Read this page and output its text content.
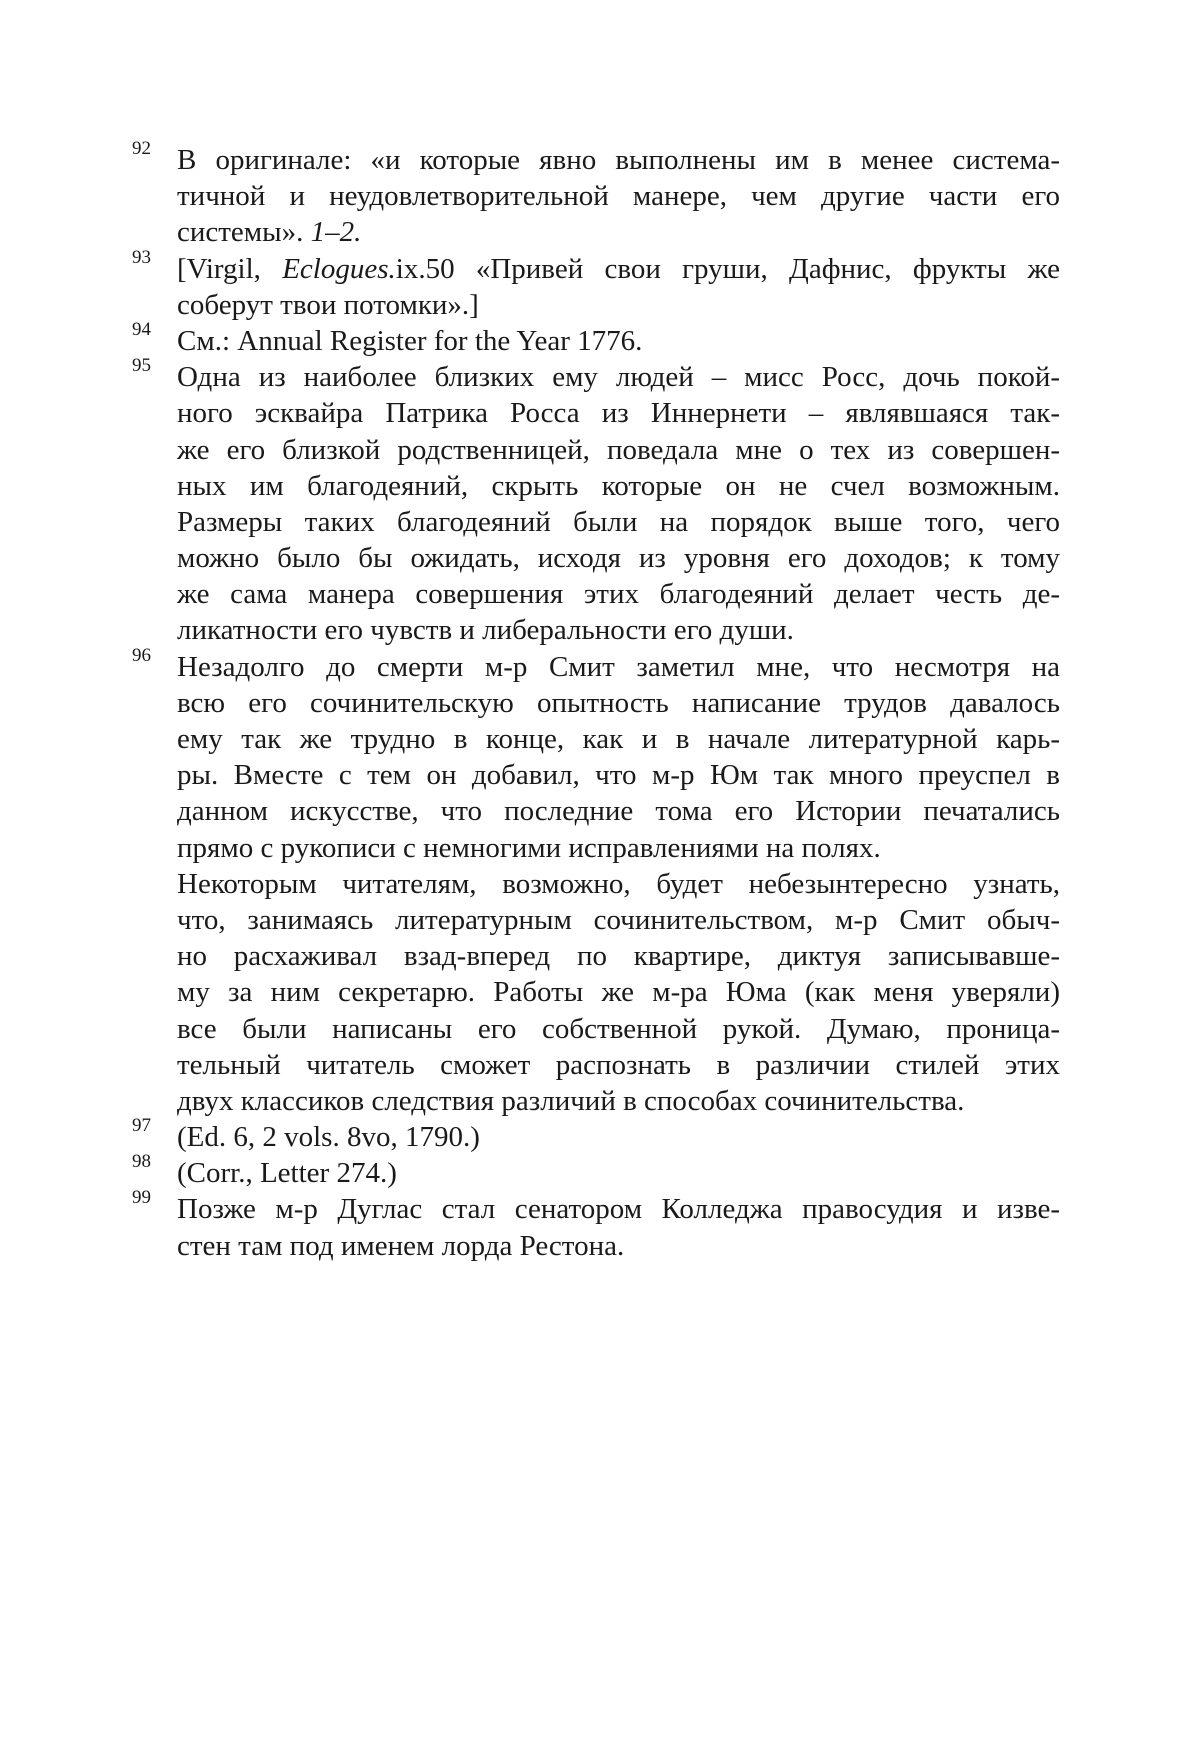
92 В оригинале: «и которые явно выполнены им в менее система-
тичной и неудовлетворительной манере, чем другие части его
системы». 1–2.
93 [Virgil, Eclogues.ix.50 «Привей свои груши, Дафнис, фрукты же
соберут твои потомки».]
94 См.: Annual Register for the Year 1776.
95 Одна из наиболее близких ему людей – мисс Росс, дочь покой-
ного эсквайра Патрика Росса из Иннернети – являвшаяся так-
же его близкой родственницей, поведала мне о тех из совершен-
ных им благодеяний, скрыть которые он не счел возможным.
Размеры таких благодеяний были на порядок выше того, чего
можно было бы ожидать, исходя из уровня его доходов; к тому
же сама манера совершения этих благодеяний делает честь де-
ликатности его чувств и либеральности его души.
96 Незадолго до смерти м-р Смит заметил мне, что несмотря на
всю его сочинительскую опытность написание трудов давалось
ему так же трудно в конце, как и в начале литературной карь-
ры. Вместе с тем он добавил, что м-р Юм так много преуспел в
данном искусстве, что последние тома его Истории печатались
прямо с рукописи с немногими исправлениями на полях.
Некоторым читателям, возможно, будет небезынтересно узнать,
что, занимаясь литературным сочинительством, м-р Смит обыч-
но расхаживал взад-вперед по квартире, диктуя записывавше-
му за ним секретарю. Работы же м-ра Юма (как меня уверяли)
все были написаны его собственной рукой. Думаю, проница-
тельный читатель сможет распознать в различии стилей этих
двух классиков следствия различий в способах сочинительства.
97 (Ed. 6, 2 vols. 8vo, 1790.)
98 (Corr., Letter 274.)
99 Позже м-р Дуглас стал сенатором Колледжа правосудия и изве-
стен там под именем лорда Рестона.
